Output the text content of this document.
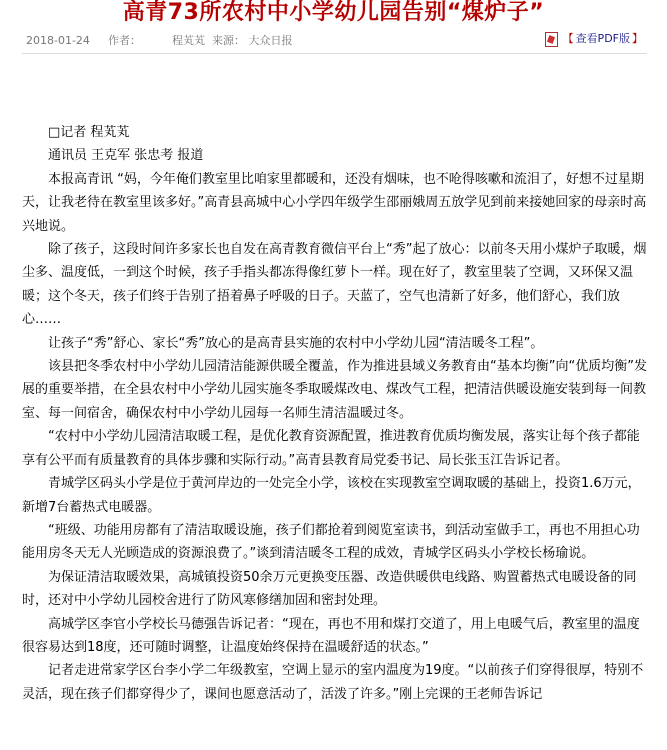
高青73所农村中小学幼儿园告别“煤炉子”
2018-01-24 作者：	程芄芄 来源： 大众日报	【 查看PDF版 】

□记者 程芄芄

通讯员 王克军 张忠考 报道

本报高青讯 “妈，今年俺们教室里比咱家里都暖和，还没有烟味，也不呛得咳嗽和流泪了，好想不过星期天，让我老待在教室里该多好。”高青县高城中心小学四年级学生邵丽娥周五放学见到前来接她回家的母亲时高兴地说。

除了孩子，这段时间许多家长也自发在高青教育微信平台上“秀”起了放心：以前冬天用小煤炉子取暖，烟尘多、温度低，一到这个时候，孩子手指头都冻得像红萝卜一样。现在好了，教室里装了空调，又环保又温暖；这个冬天，孩子们终于告别了捂着鼻子呼吸的日子。天蓝了，空气也清新了好多，他们舒心，我们放心……

让孩子“秀”舒心、家长“秀”放心的是高青县实施的农村中小学幼儿园“清洁暖冬工程”。

该县把冬季农村中小学幼儿园清洁能源供暖全覆盖，作为推进县域义务教育由“基本均衡”向“优质均衡”发展的重要举措，在全县农村中小学幼儿园实施冬季取暖煤改电、煤改气工程，把清洁供暖设施安装到每一间教室、每一间宿舍，确保农村中小学幼儿园每一名师生清洁温暖过冬。

“农村中小学幼儿园清洁取暖工程，是优化教育资源配置，推进教育优质均衡发展，落实让每个孩子都能享有公平而有质量教育的具体步骤和实际行动。”高青县教育局党委书记、局长张玉江告诉记者。

青城学区码头小学是位于黄河岸边的一处完全小学，该校在实现教室空调取暖的基础上，投资1.6万元，新增7台蓄热式电暖器。

“班级、功能用房都有了清洁取暖设施，孩子们都抢着到阅览室读书，到活动室做手工，再也不用担心功能用房冬天无人光顾造成的资源浪费了。”谈到清洁暖冬工程的成效，青城学区码头小学校长杨瑜说。

为保证清洁取暖效果，高城镇投资50余万元更换变压器、改造供暖供电线路、购置蓄热式电暖设备的同时，还对中小学幼儿园校舍进行了防风寒修缮加固和密封处理。

高城学区李官小学校长马德强告诉记者：“现在，再也不用和煤打交道了，用上电暖气后，教室里的温度很容易达到18度，还可随时调整，让温度始终保持在温暖舒适的状态。”

记者走进常家学区台李小学二年级教室，空调上显示的室内温度为19度。“以前孩子们穿得很厚，特别不灵活，现在孩子们都穿得少了，课间也愿意活动了，活泼了许多。”刚上完课的王老师告诉记
